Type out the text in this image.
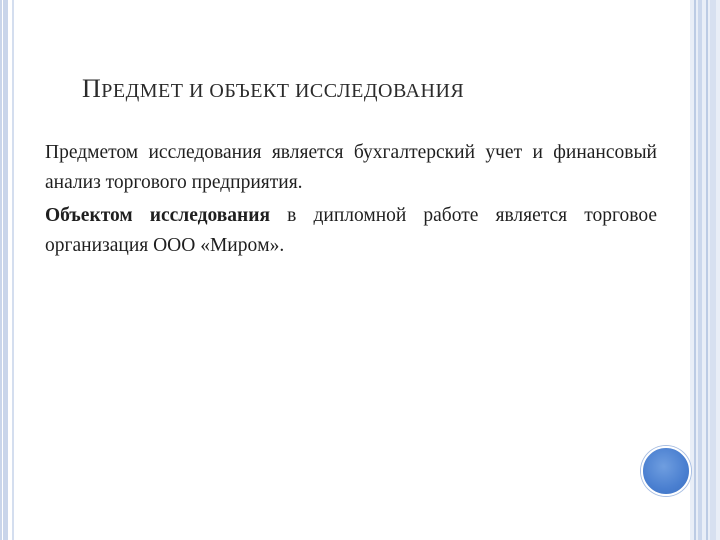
ПРЕДМЕТ И ОБЪЕКТ ИССЛЕДОВАНИЯ

Предметом исследования является бухгалтерский учет и финансовый анализ торгового предприятия.

Объектом исследования в дипломной работе является торговое организация ООО «Мирoм».
